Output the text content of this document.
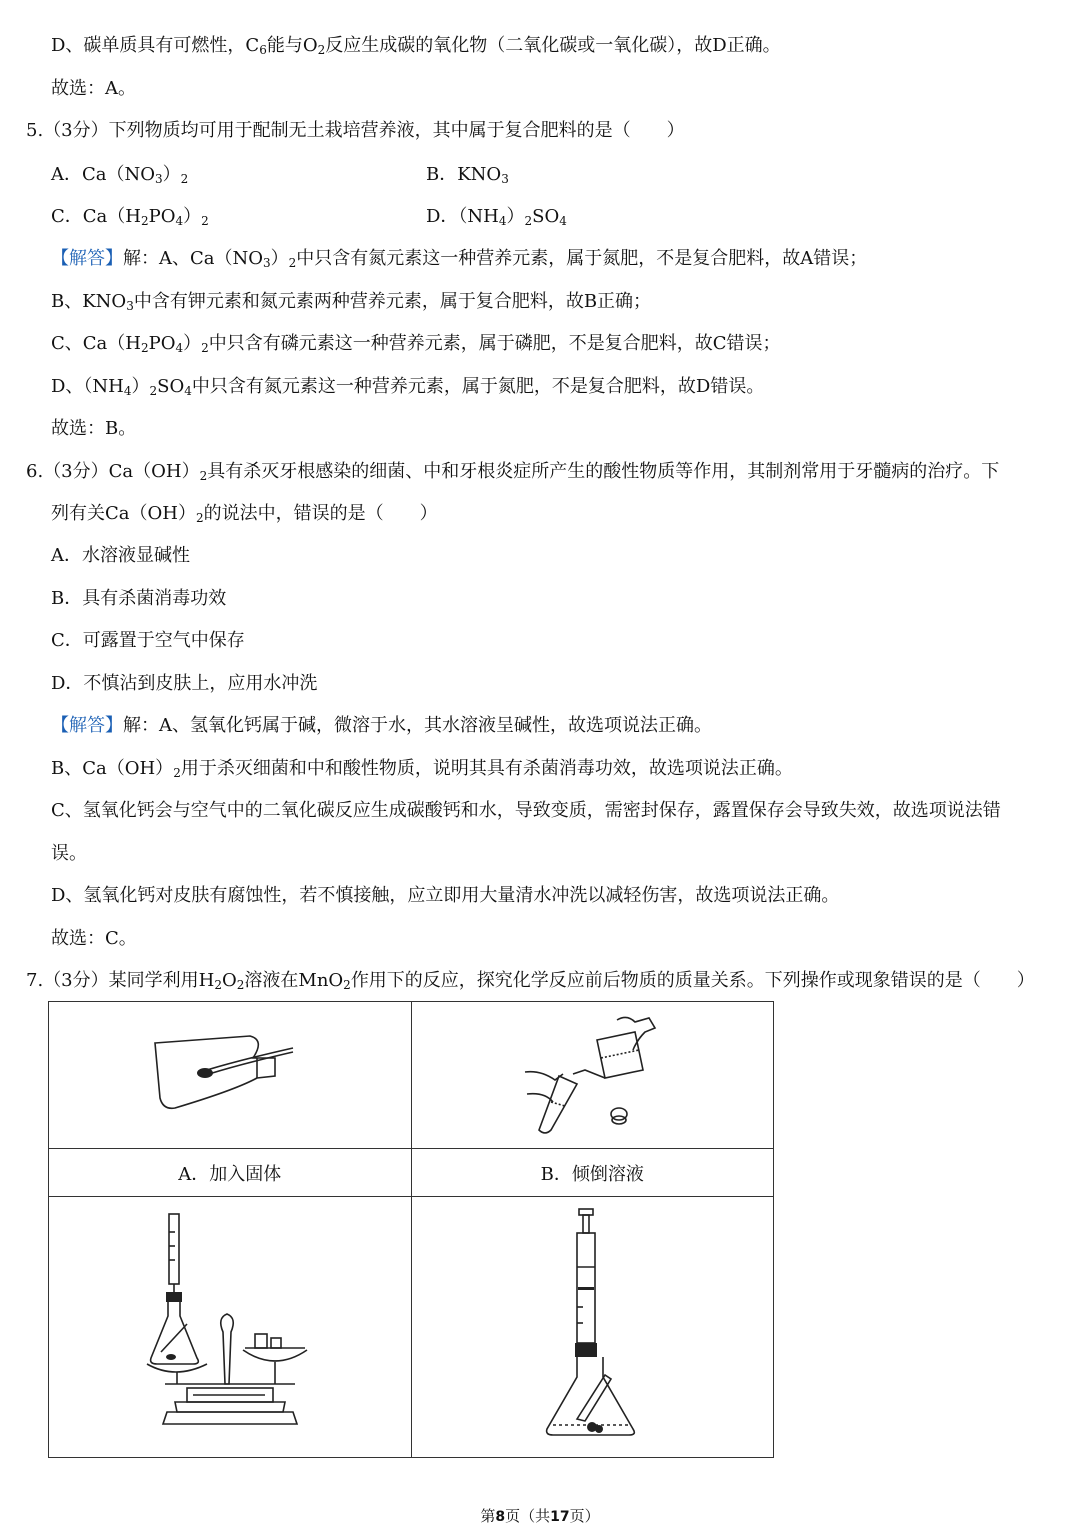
D、碳单质具有可燃性，$C_6$能与$O_2$反应生成碳的氧化物（二氧化碳或一氧化碳），故D正确。
故选：A。
5.（3分）下列物质均可用于配制无土栽培营养液，其中属于复合肥料的是（　　）
A．$Ca(NO_3)_2$	B．$KNO_3$
C．$Ca(H_2PO_4)_2$	D．$(NH_4)_2SO_4$
【解答】解：A、$Ca(NO_3)_2$中只含有氮元素这一种营养元素，属于氮肥，不是复合肥料，故A错误；
B、$KNO_3$中含有钾元素和氮元素两种营养元素，属于复合肥料，故B正确；
C、$Ca(H_2PO_4)_2$中只含有磷元素这一种营养元素，属于磷肥，不是复合肥料，故C错误；
D、$(NH_4)_2SO_4$中只含有氮元素这一种营养元素，属于氮肥，不是复合肥料，故D错误。
故选：B。
6.（3分）$Ca(OH)_2$具有杀灭牙根感染的细菌、中和牙根炎症所产生的酸性物质等作用，其制剂常用于牙髓病的治疗。下
列有关$Ca(OH)_2$的说法中，错误的是（　　）
A．水溶液显碱性
B．具有杀菌消毒功效
C．可露置于空气中保存
D．不慎沾到皮肤上，应用水冲洗
【解答】解：A、氢氧化钙属于碱，微溶于水，其水溶液呈碱性，故选项说法正确。
B、$Ca(OH)_2$用于杀灭细菌和中和酸性物质，说明其具有杀菌消毒功效，故选项说法正确。
C、氢氧化钙会与空气中的二氧化碳反应生成碳酸钙和水，导致变质，需密封保存，露置保存会导致失效，故选项说法错
误。
D、氢氧化钙对皮肤有腐蚀性，若不慎接触，应立即用大量清水冲洗以减轻伤害，故选项说法正确。
故选：C。
7.（3分）某同学利用$H_2O_2$溶液在MnO$_2$作用下的反应，探究化学反应前后物质的质量关系。下列操作或现象错误的是（　　）

A．加入固体	B．倾倒溶液

第8页（共17页）
